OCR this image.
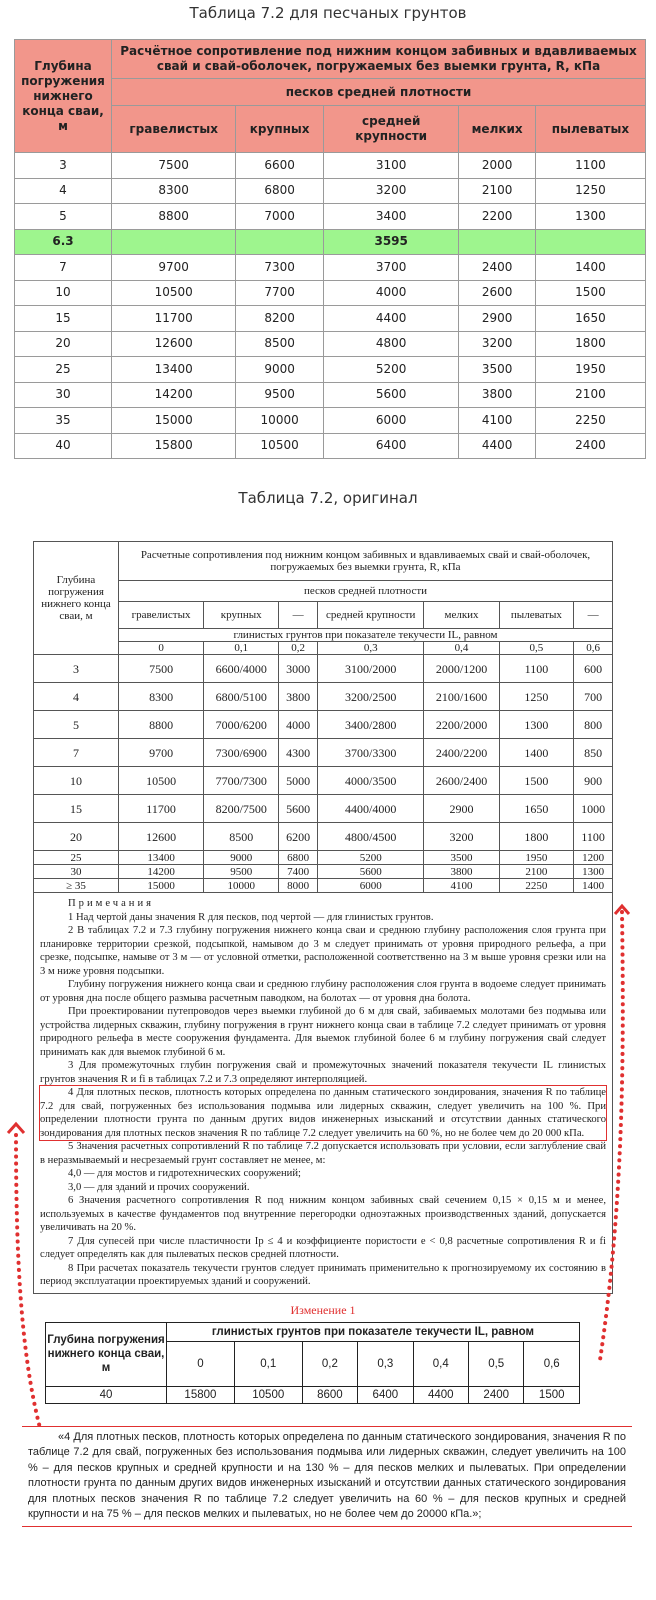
Таблица 7.2 для песчаных грунтов
Глубина погружения нижнего конца сваи, м	Расчётное сопротивление под нижним концом забивных и вдавливаемых свай и свай-оболочек, погружаемых без выемки грунта, R, кПа				
	песков средней плотности				
	гравелистых	крупных	средней крупности	мелких	пылеватых
3	7500	6600	3100	2000	1100
4	8300	6800	3200	2100	1250
5	8800	7000	3400	2200	1300
6.3			3595		
7	9700	7300	3700	2400	1400
10	10500	7700	4000	2600	1500
15	11700	8200	4400	2900	1650
20	12600	8500	4800	3200	1800
25	13400	9000	5200	3500	1950
30	14200	9500	5600	3800	2100
35	15000	10000	6000	4100	2250
40	15800	10500	6400	4400	2400
Таблица 7.2, оригинал
Глубина погружения нижнего конца сваи, м	Расчетные сопротивления под нижним концом забивных и вдавливаемых свай и свай-оболочек, погружаемых без выемки грунта, R, кПа						
	песков средней плотности						
	гравелистых	крупных	—	средней крупности	мелких	пылеватых	—
	глинистых грунтов при показателе текучести IL, равном						
	0	0,1	0,2	0,3	0,4	0,5	0,6
3	7500	6600/4000	3000	3100/2000	2000/1200	1100	600
4	8300	6800/5100	3800	3200/2500	2100/1600	1250	700
5	8800	7000/6200	4000	3400/2800	2200/2000	1300	800
7	9700	7300/6900	4300	3700/3300	2400/2200	1400	850
10	10500	7700/7300	5000	4000/3500	2600/2400	1500	900
15	11700	8200/7500	5600	4400/4000	2900	1650	1000
20	12600	8500	6200	4800/4500	3200	1800	1100
25	13400	9000	6800	5200	3500	1950	1200
30	14200	9500	7400	5600	3800	2100	1300
≥ 35	15000	10000	8000	6000	4100	2250	1400

Примечания

1 Над чертой даны значения R для песков, под чертой — для глинистых грунтов.

2 В таблицах 7.2 и 7.3 глубину погружения нижнего конца сваи и среднюю глубину расположения слоя грунта при планировке территории срезкой, подсыпкой, намывом до 3 м следует принимать от уровня природного рельефа, а при срезке, подсыпке, намыве от 3 м — от условной отметки, расположенной соответственно на 3 м выше уровня срезки или на 3 м ниже уровня подсыпки.

Глубину погружения нижнего конца сваи и среднюю глубину расположения слоя грунта в водоеме следует принимать от уровня дна после общего размыва расчетным паводком, на болотах — от уровня дна болота.

При проектировании путепроводов через выемки глубиной до 6 м для свай, забиваемых молотами без подмыва или устройства лидерных скважин, глубину погружения в грунт нижнего конца сваи в таблице 7.2 следует принимать от уровня природного рельефа в месте сооружения фундамента. Для выемок глубиной более 6 м глубину погружения свай следует принимать как для выемок глубиной 6 м.

3 Для промежуточных глубин погружения свай и промежуточных значений показателя текучести IL глинистых грунтов значения R и fi в таблицах 7.2 и 7.3 определяют интерполяцией.

4 Для плотных песков, плотность которых определена по данным статического зондирования, значения R по таблице 7.2 для свай, погруженных без использования подмыва или лидерных скважин, следует увеличить на 100 %. При определении плотности грунта по данным других видов инженерных изысканий и отсутствии данных статического зондирования для плотных песков значения R по таблице 7.2 следует увеличить на 60 %, но не более чем до 20 000 кПа.

5 Значения расчетных сопротивлений R по таблице 7.2 допускается использовать при условии, если заглубление свай в неразмываемый и несрезаемый грунт составляет не менее, м:

4,0 — для мостов и гидротехнических сооружений;

3,0 — для зданий и прочих сооружений.

6 Значения расчетного сопротивления R под нижним концом забивных свай сечением 0,15 × 0,15 м и менее, используемых в качестве фундаментов под внутренние перегородки одноэтажных производственных зданий, допускается увеличивать на 20 %.

7 Для супесей при числе пластичности Ip ≤ 4 и коэффициенте пористости e < 0,8 расчетные сопротивления R и fi следует определять как для пылеватых песков средней плотности.

8 При расчетах показатель текучести грунтов следует принимать применительно к прогнозируемому их состоянию в период эксплуатации проектируемых зданий и сооружений.

Изменение 1
Глубина погружения нижнего конца сваи, м	глинистых грунтов при показателе текучести IL, равном						
	0	0,1	0,2	0,3	0,4	0,5	0,6
40	15800	10500	8600	6400	4400	2400	1500

«4 Для плотных песков, плотность которых определена по данным статического зондирования, значения R по таблице 7.2 для свай, погруженных без использования подмыва или лидерных скважин, следует увеличить на 100 % – для песков крупных и средней крупности и на 130 % – для песков мелких и пылеватых. При определении плотности грунта по данным других видов инженерных изысканий и отсутствии данных статического зондирования для плотных песков значения R по таблице 7.2 следует увеличить на 60 % – для песков крупных и средней крупности и на 75 % – для песков мелких и пылеватых, но не более чем до 20000 кПа.»;
